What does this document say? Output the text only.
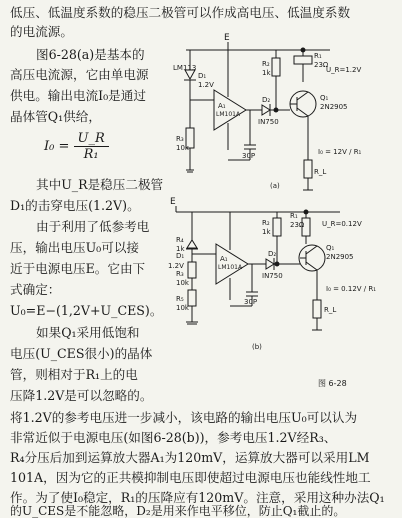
低压、低温度系数的稳压二极管可以作成高电压、低温度系数
的电流源。
图6-28(a)是基本的
高压电流源，它由单电源
供电。输出电流I₀是通过
晶体管Q₁供给，
$I_0 = \frac{U\_R}{\text{R₁}}$
其中U_R是稳压二极管
D₁的击穿电压(1.2V)。
由于利用了低参考电
压，输出电压U₀可以接
近于电源电压E。它由下
式确定：
U₀=E−(1,2V+U_CES)。
如果Q₁采用低饱和
电压(U_CES很小)的晶体
管，则相对于R₁上的电
压降1.2V是可以忽略的。
将1.2V的参考电压进一步减小，该电路的输出电压U₀可以认为
非常近似于电源电压(如图6-28(b))，参考电压1.2V经R₃、
R₄分压后加到运算放大器A₁为120mV，运算放大器可以采用LM
101A，因为它的正共模抑制电压即使超过电源电压也能线性地工
作。为了使I₀稳定，R₁的压降应有120mV。注意，采用这种办法Q₁
的U_CES是不能忽略，D₂是用来作电平移位，防止Q₁截止的。
E
LM113
D₁
1.2V
R₂
1k
R₁
23Ω
U_R=1.2V
A₁
LM101A
D₂
IN750
R₃
10k
30P
Q₁
2N2905
I₀ = 12V / R₁
R_L
(a)
E
R₂
1k
R₁
23Ω	U_R=0.12V
R₄
1k
D₁
1.2V
R₃
10k
R₅
10k
A₁
LM101A
D₂
IN750
30P
Q₁
2N2905
I₀ = 0.12V / R₁
R_L
(b)
图 6-28
